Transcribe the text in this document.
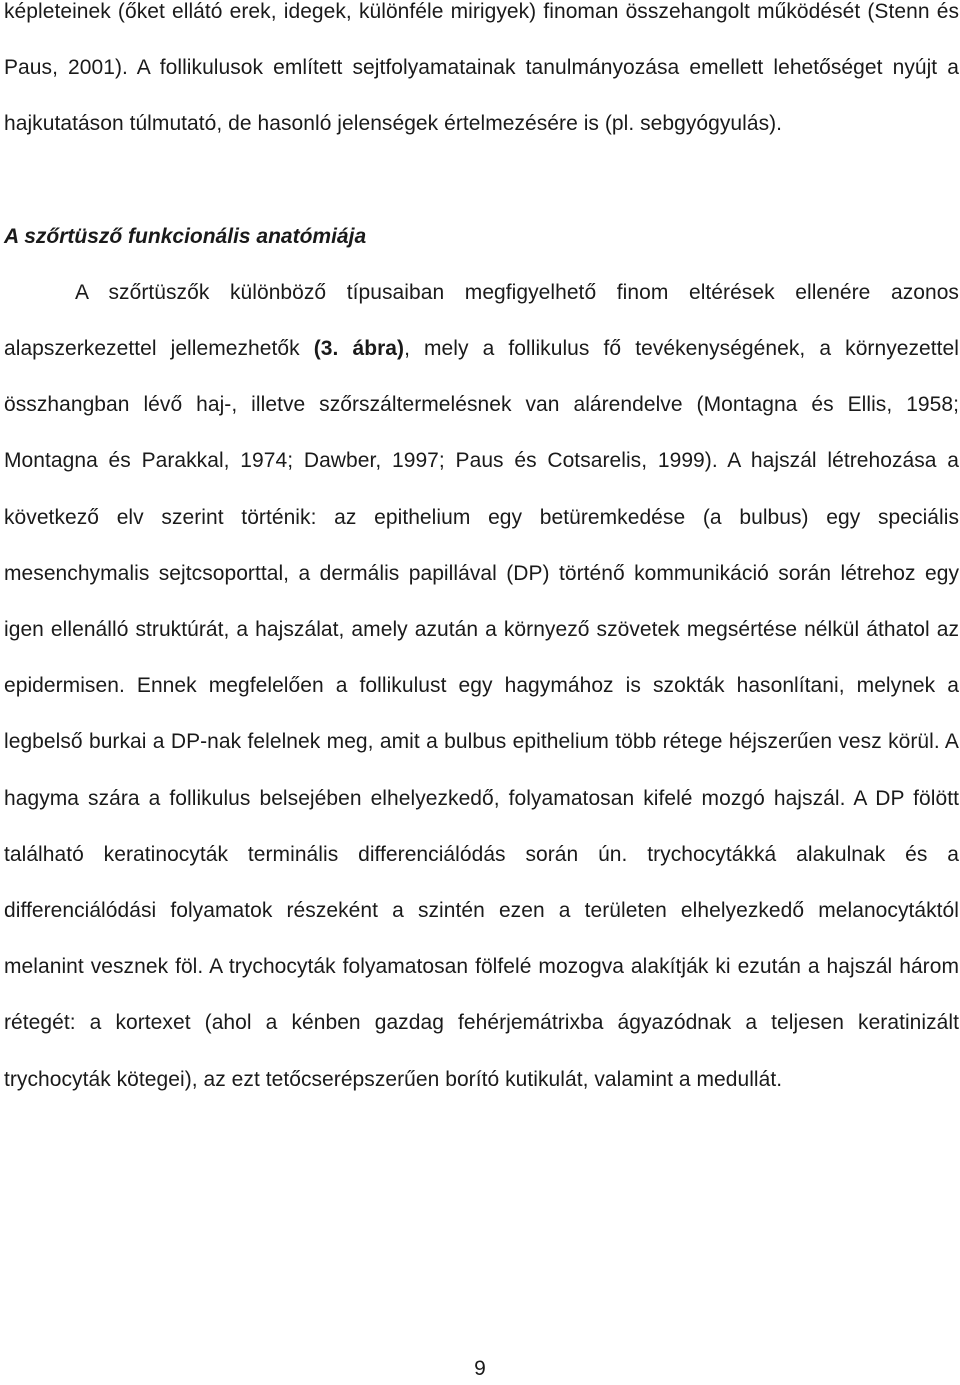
képleteinek (őket ellátó erek, idegek, különféle mirigyek) finoman összehangolt működését (Stenn és Paus, 2001). A follikulusok említett sejtfolyamatainak tanulmányozása emellett lehetőséget nyújt a hajkutatáson túlmutató, de hasonló jelenségek értelmezésére is (pl. sebgyógyulás).

A szőrtüsző funkcionális anatómiája

A szőrtüszők különböző típusaiban megfigyelhető finom eltérések ellenére azonos alapszerkezettel jellemezhetők (3. ábra), mely a follikulus fő tevékenységének, a környezettel összhangban lévő haj-, illetve szőrszáltermelésnek van alárendelve (Montagna és Ellis, 1958; Montagna és Parakkal, 1974; Dawber, 1997; Paus és Cotsarelis, 1999). A hajszál létrehozása a következő elv szerint történik: az epithelium egy betüremkedése (a bulbus) egy speciális mesenchymalis sejtcsoporttal, a dermális papillával (DP) történő kommunikáció során létrehoz egy igen ellenálló struktúrát, a hajszálat, amely azután a környező szövetek megsértése nélkül áthatol az epidermisen. Ennek megfelelően a follikulust egy hagymához is szokták hasonlítani, melynek a legbelső burkai a DP-nak felelnek meg, amit a bulbus epithelium több rétege héjszerűen vesz körül. A hagyma szára a follikulus belsejében elhelyezkedő, folyamatosan kifelé mozgó hajszál. A DP fölött található keratinocyták terminális differenciálódás során ún. trychocytákká alakulnak és a differenciálódási folyamatok részeként a szintén ezen a területen elhelyezkedő melanocytáktól melanint vesznek föl. A trychocyták folyamatosan fölfelé mozogva alakítják ki ezután a hajszál három rétegét: a kortexet (ahol a kénben gazdag fehérjemátrixba ágyazódnak a teljesen keratinizált trychocyták kötegei), az ezt tetőcserépszerűen borító kutikulát, valamint a medullát.

9
